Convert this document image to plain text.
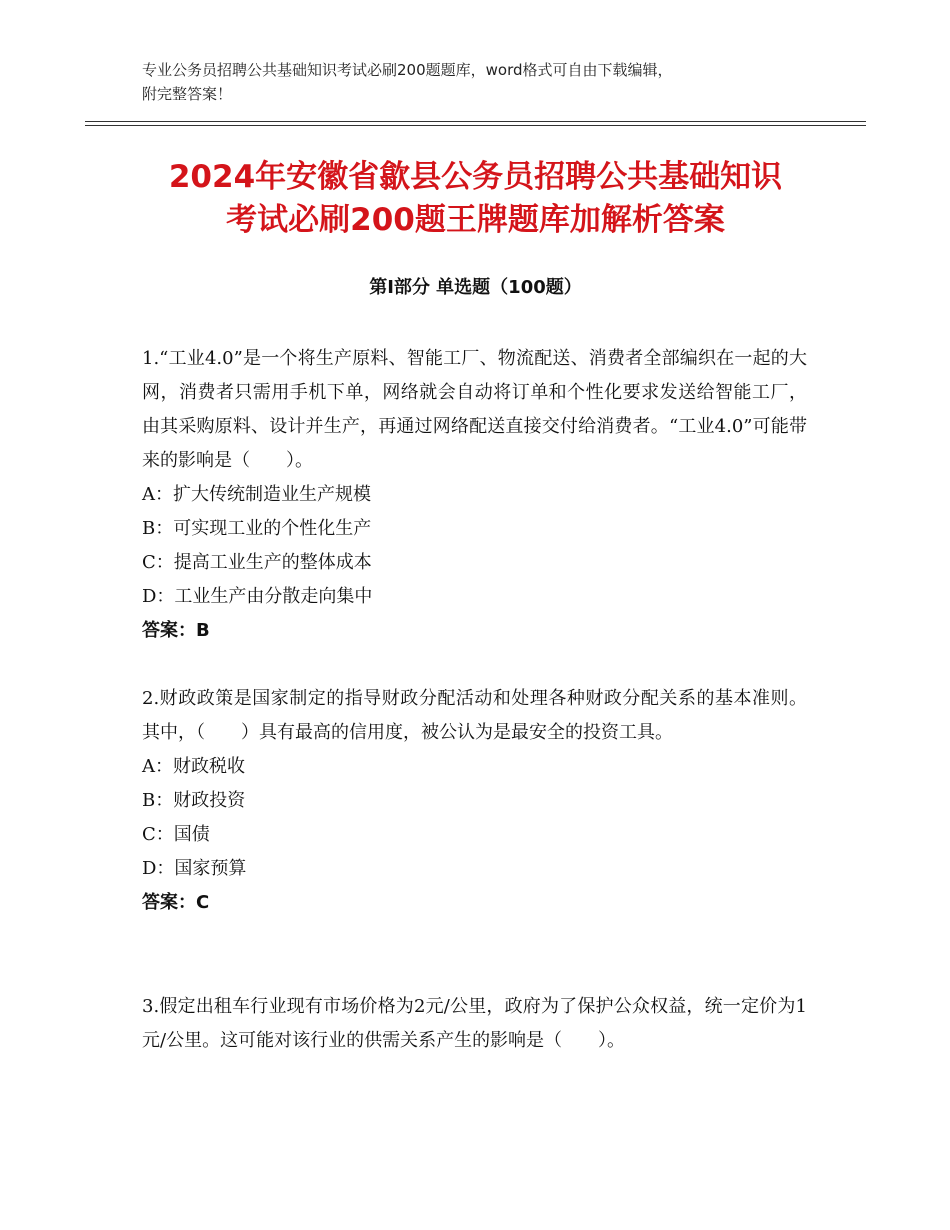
专业公务员招聘公共基础知识考试必刷200题题库，word格式可自由下载编辑，
附完整答案！
2024年安徽省歙县公务员招聘公共基础知识
考试必刷200题王牌题库加解析答案
第Ⅰ部分 单选题（100题）

1.“工业4.0”是一个将生产原料、智能工厂、物流配送、消费者全部编织在一起的大网，消费者只需用手机下单，网络就会自动将订单和个性化要求发送给智能工厂，由其采购原料、设计并生产，再通过网络配送直接交付给消费者。“工业4.0”可能带来的影响是（　　）。

A：扩大传统制造业生产规模

B：可实现工业的个性化生产

C：提高工业生产的整体成本

D：工业生产由分散走向集中

答案：B

2.财政政策是国家制定的指导财政分配活动和处理各种财政分配关系的基本准则。其中，（　　）具有最高的信用度，被公认为是最安全的投资工具。

A：财政税收

B：财政投资

C：国债

D：国家预算

答案：C

3.假定出租车行业现有市场价格为2元/公里，政府为了保护公众权益，统一定价为1元/公里。这可能对该行业的供需关系产生的影响是（　　）。
